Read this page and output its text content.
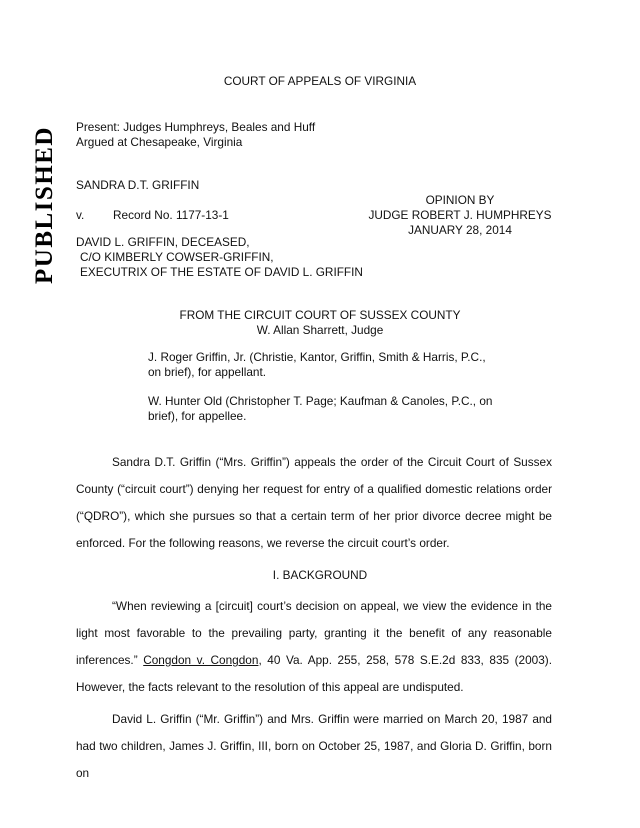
PUBLISHED
COURT OF APPEALS OF VIRGINIA
Present: Judges Humphreys, Beales and Huff
Argued at Chesapeake, Virginia
SANDRA D.T. GRIFFIN
v. Record No. 1177-13-1
OPINION BY
JUDGE ROBERT J. HUMPHREYS
JANUARY 28, 2014
DAVID L. GRIFFIN, DECEASED,
C/O KIMBERLY COWSER-GRIFFIN,
EXECUTRIX OF THE ESTATE OF DAVID L. GRIFFIN
FROM THE CIRCUIT COURT OF SUSSEX COUNTY
W. Allan Sharrett, Judge
J. Roger Griffin, Jr. (Christie, Kantor, Griffin, Smith & Harris, P.C.,
on brief), for appellant.
W. Hunter Old (Christopher T. Page; Kaufman & Canoles, P.C., on
brief), for appellee.

Sandra D.T. Griffin (“Mrs. Griffin”) appeals the order of the Circuit Court of Sussex County (“circuit court”) denying her request for entry of a qualified domestic relations order (“QDRO”), which she pursues so that a certain term of her prior divorce decree might be enforced. For the following reasons, we reverse the circuit court’s order.

I. BACKGROUND

“When reviewing a [circuit] court’s decision on appeal, we view the evidence in the light most favorable to the prevailing party, granting it the benefit of any reasonable inferences.” Congdon v. Congdon, 40 Va. App. 255, 258, 578 S.E.2d 833, 835 (2003). However, the facts relevant to the resolution of this appeal are undisputed.

David L. Griffin (“Mr. Griffin”) and Mrs. Griffin were married on March 20, 1987 and had two children, James J. Griffin, III, born on October 25, 1987, and Gloria D. Griffin, born on
